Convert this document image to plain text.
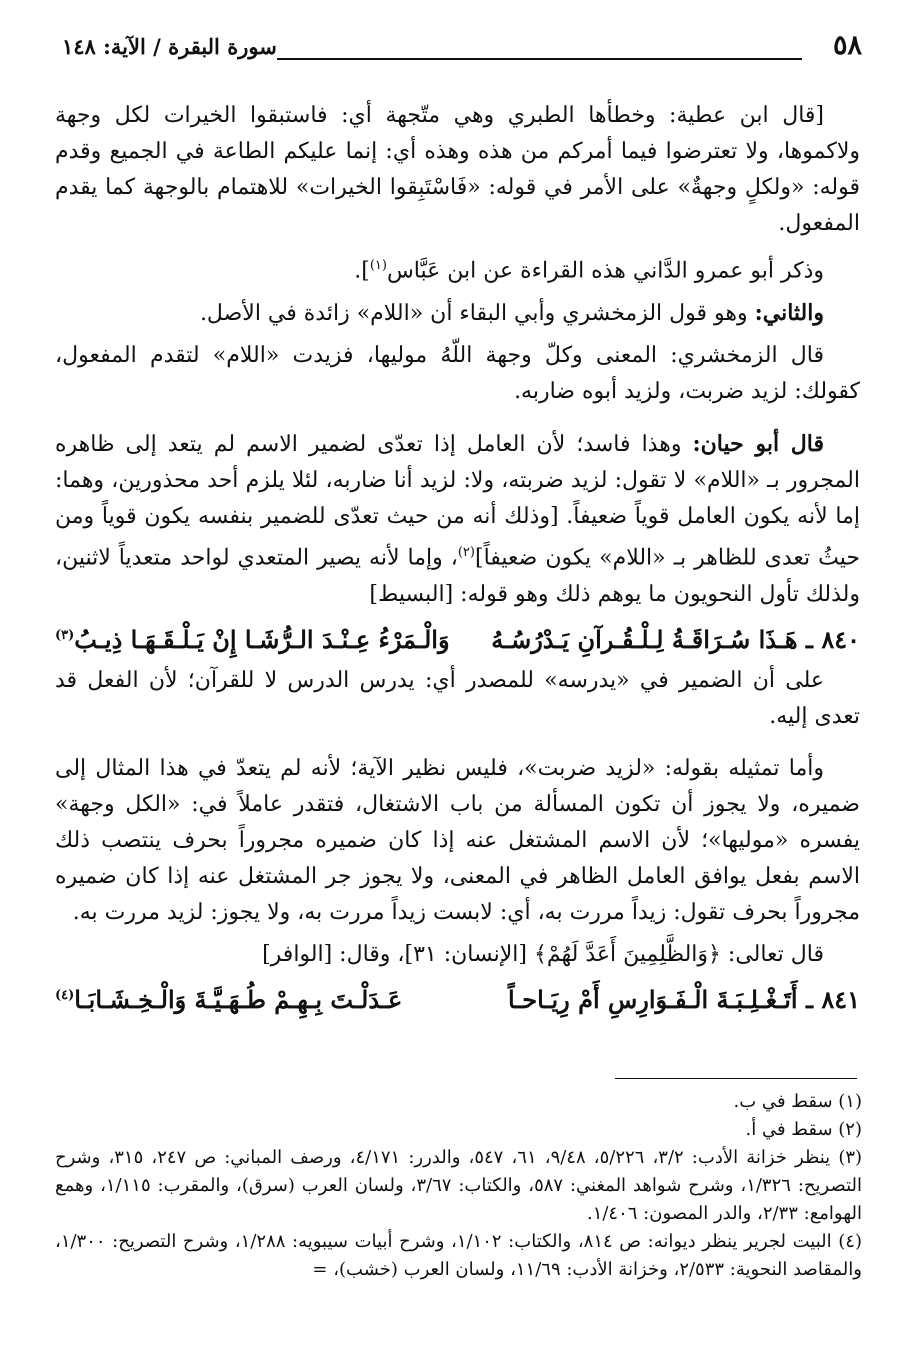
٥٨
سورة البقرة / الآية: ١٤٨

[قال ابن عطية: وخطأها الطبري وهي متّجهة أي: فاستبقوا الخيرات لكل وجهة ولاكموها، ولا تعترضوا فيما أمركم من هذه وهذه أي: إنما عليكم الطاعة في الجميع وقدم قوله: «ولكلٍ وجهةٌ» على الأمر في قوله: «فَاسْتَبِقوا الخيرات» للاهتمام بالوجهة كما يقدم المفعول.

وذكر أبو عمرو الدَّاني هذه القراءة عن ابن عَبَّاس$^{(١)}$].

والثاني: وهو قول الزمخشري وأبي البقاء أن «اللام» زائدة في الأصل.

قال الزمخشري: المعنى وكلّ وجهة اللّهُ موليها، فزيدت «اللام» لتقدم المفعول، كقولك: لزيد ضربت، ولزيد أبوه ضاربه.

قال أبو حيان: وهذا فاسد؛ لأن العامل إذا تعدّى لضمير الاسم لم يتعد إلى ظاهره المجرور بـ «اللام» لا تقول: لزيد ضربته، ولا: لزيد أنا ضاربه، لئلا يلزم أحد محذورين، وهما: إما لأنه يكون العامل قوياً ضعيفاً. [وذلك أنه من حيث تعدّى للضمير بنفسه يكون قوياً ومن حيثُ تعدى للظاهر بـ «اللام» يكون ضعيفاً]$^{(٢)}$، وإما لأنه يصير المتعدي لواحد متعدياً لاثنين، ولذلك تأول النحويون ما يوهم ذلك وهو قوله: [البسيط]

٨٤٠ ـ هَـذَا سُـرَاقَـةُ لِـلْـقُـرآنِ يَـدْرُسُـهُ
وَالْـمَرْءُ عِـنْـدَ الـرُّشَـا إِنْ يَـلْـقَـهَـا ذِيـبُ$^{(٣)}$

على أن الضمير في «يدرسه» للمصدر أي: يدرس الدرس لا للقرآن؛ لأن الفعل قد تعدى إليه.

وأما تمثيله بقوله: «لزيد ضربت»، فليس نظير الآية؛ لأنه لم يتعدّ في هذا المثال إلى ضميره، ولا يجوز أن تكون المسألة من باب الاشتغال، فتقدر عاملاً في: «الكل وجهة» يفسره «موليها»؛ لأن الاسم المشتغل عنه إذا كان ضميره مجروراً بحرف ينتصب ذلك الاسم بفعل يوافق العامل الظاهر في المعنى، ولا يجوز جر المشتغل عنه إذا كان ضميره مجروراً بحرف تقول: زيداً مررت به، أي: لابست زيداً مررت به، ولا يجوز: لزيد مررت به.

قال تعالى: ﴿وَالظَّلِمِينَ أَعَدَّ لَهُمْ﴾ [الإنسان: ٣١]، وقال: [الوافر]

٨٤١ ـ أَتَـغْـلِـبَـةَ الْـفَـوَارِسِ أَمْ رِيَـاحـاً
عَـدَلْـتَ بِـهِـمْ طُـهَـيَّـةَ وَالْـخِـشَـابَـا$^{(٤)}$

(١) سقط في ب.

(٢) سقط في أ.

(٣) ينظر خزانة الأدب: ٣/٢، ٥/٢٢٦، ٩/٤٨، ٦١، ٥٤٧، والدرر: ٤/١٧١، ورصف المباني: ص ٢٤٧، ٣١٥، وشرح التصريح: ١/٣٢٦، وشرح شواهد المغني: ٥٨٧، والكتاب: ٣/٦٧، ولسان العرب (سرق)، والمقرب: ١/١١٥، وهمع الهوامع: ٢/٣٣، والدر المصون: ١/٤٠٦.

(٤) البيت لجرير ينظر ديوانه: ص ٨١٤، والكتاب: ١/١٠٢، وشرح أبيات سيبويه: ١/٢٨٨، وشرح التصريح: ١/٣٠٠، والمقاصد النحوية: ٢/٥٣٣، وخزانة الأدب: ١١/٦٩، ولسان العرب (خشب)، =
